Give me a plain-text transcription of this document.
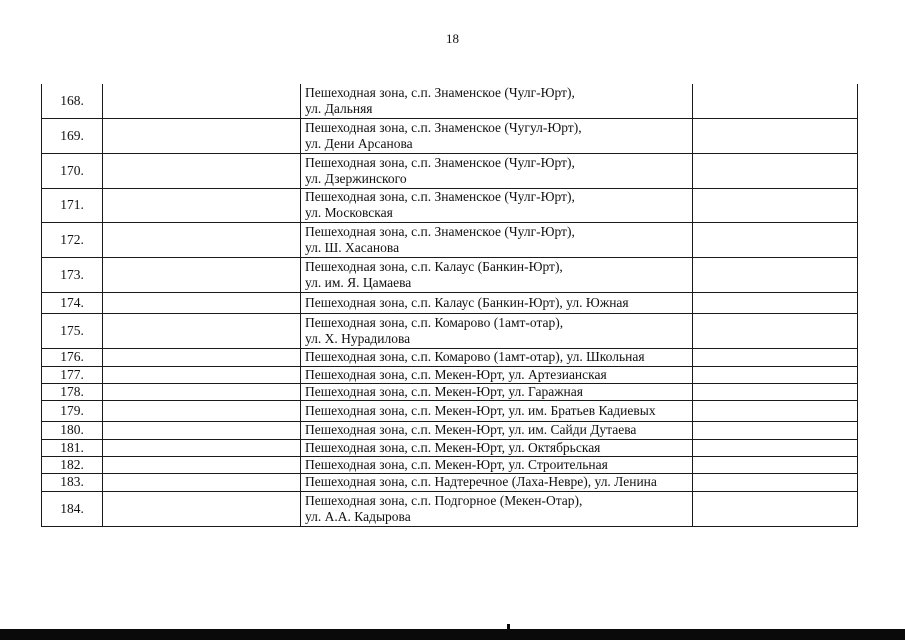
18
168.		Пешеходная зона, с.п. Знаменское (Чулг-Юрт),
ул. Дальняя	

169.		Пешеходная зона, с.п. Знаменское (Чугул-Юрт),
ул. Дени Арсанова	

170.		Пешеходная зона, с.п. Знаменское (Чулг-Юрт),
ул. Дзержинского	

171.		Пешеходная зона, с.п. Знаменское (Чулг-Юрт),
ул. Московская	

172.		Пешеходная зона, с.п. Знаменское (Чулг-Юрт),
ул. Ш. Хасанова	

173.		Пешеходная зона, с.п. Калаус (Банкин-Юрт),
ул. им. Я. Цамаева	

174.		Пешеходная зона, с.п. Калаус (Банкин-Юрт), ул. Южная	

175.		Пешеходная зона, с.п. Комарово (1амт-отар),
ул. Х. Нурадилова	

176.		Пешеходная зона, с.п. Комарово (1амт-отар), ул. Школьная	

177.		Пешеходная зона, с.п. Мекен-Юрт, ул. Артезианская	

178.		Пешеходная зона, с.п. Мекен-Юрт, ул. Гаражная	

179.		Пешеходная зона, с.п. Мекен-Юрт, ул. им. Братьев Кадиевых	

180.		Пешеходная зона, с.п. Мекен-Юрт, ул. им. Сайди Дутаева	

181.		Пешеходная зона, с.п. Мекен-Юрт, ул. Октябрьская	

182.		Пешеходная зона, с.п. Мекен-Юрт, ул. Строительная	

183.		Пешеходная зона, с.п. Надтеречное (Лаха-Невре), ул. Ленина	

184.		Пешеходная зона, с.п. Подгорное (Мекен-Отар),
ул. А.А. Кадырова	
